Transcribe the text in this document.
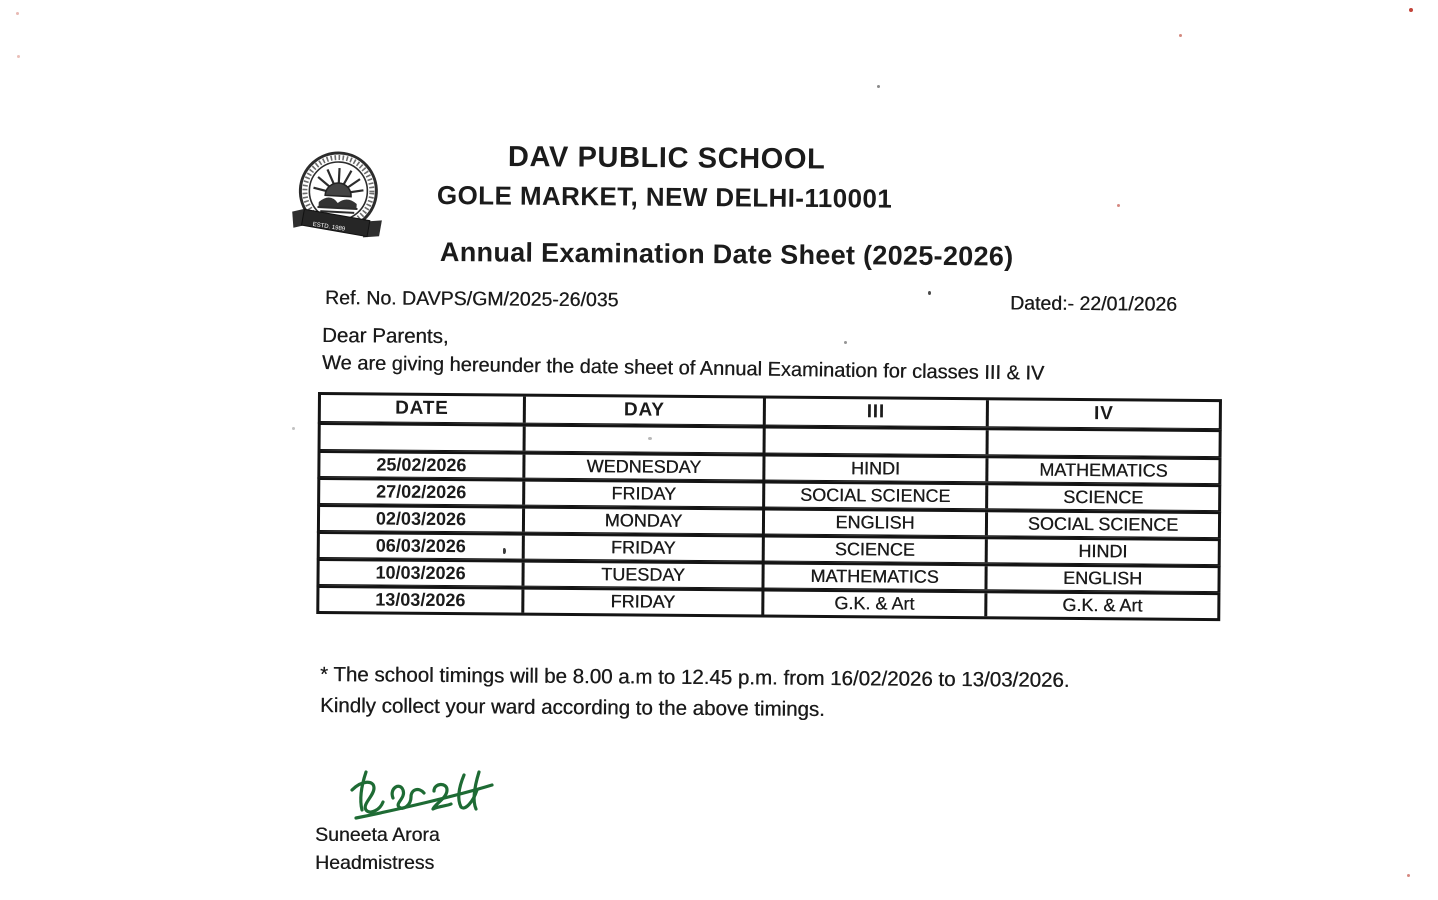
ESTD. 1989
DAV PUBLIC SCHOOL
GOLE MARKET, NEW DELHI-110001
Annual Examination Date Sheet (2025-2026)
Ref. No. DAVPS/GM/2025-26/035	Dated:- 22/01/2026
Dear Parents,
We are giving hereunder the date sheet of Annual Examination for classes III & IV
DATE	DAY	III	IV
25/02/2026	WEDNESDAY	HINDI	MATHEMATICS
27/02/2026	FRIDAY	SOCIAL SCIENCE	SCIENCE
02/03/2026	MONDAY	ENGLISH	SOCIAL SCIENCE
06/03/2026	FRIDAY	SCIENCE	HINDI
10/03/2026	TUESDAY	MATHEMATICS	ENGLISH
13/03/2026	FRIDAY	G.K. & Art	G.K. & Art
* The school timings will be 8.00 a.m to 12.45 p.m. from 16/02/2026 to 13/03/2026.
Kindly collect your ward according to the above timings.
Suneeta Arora
Headmistress
